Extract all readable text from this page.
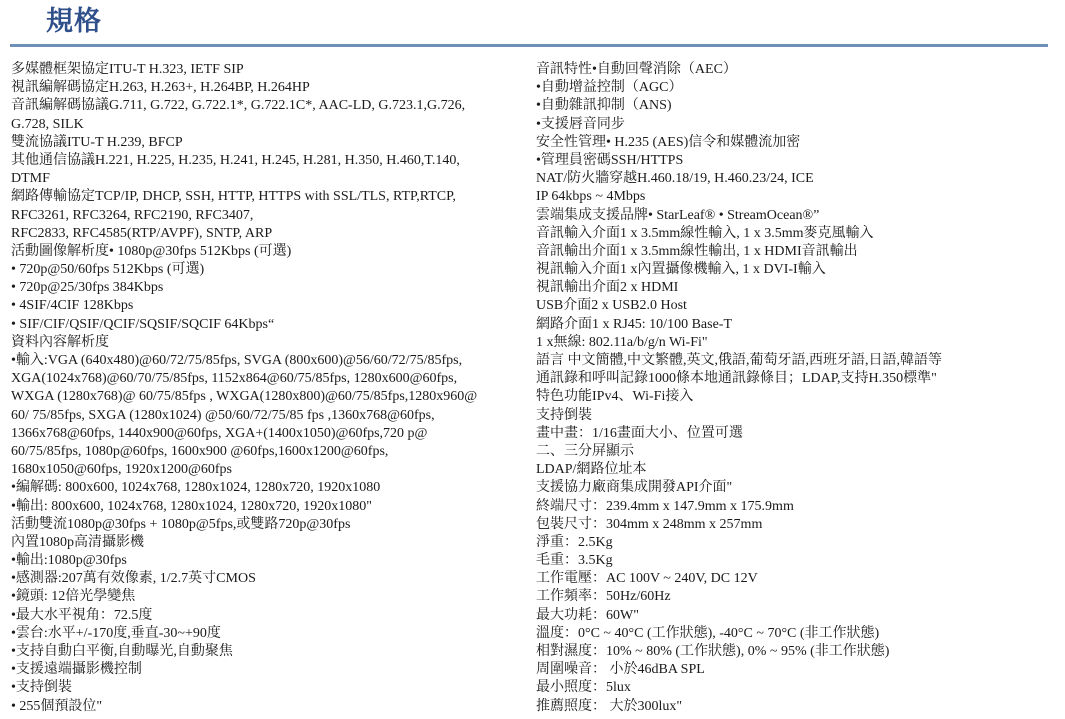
規格
多媒體框架協定ITU-T H.323, IETF SIP
視訊編解碼協定H.263, H.263+, H.264BP, H.264HP
音訊編解碼協議G.711, G.722, G.722.1*, G.722.1C*, AAC-LD, G.723.1,G.726,
G.728, SILK
雙流協議ITU-T H.239, BFCP
其他通信協議H.221, H.225, H.235, H.241, H.245, H.281, H.350, H.460,T.140,
DTMF
網路傳輸協定TCP/IP, DHCP, SSH, HTTP, HTTPS with SSL/TLS, RTP,RTCP,
RFC3261, RFC3264, RFC2190, RFC3407,
RFC2833, RFC4585(RTP/AVPF), SNTP, ARP
活動圖像解析度• 1080p@30fps 512Kbps (可選)
• 720p@50/60fps 512Kbps (可選)
• 720p@25/30fps 384Kbps
• 4SIF/4CIF 128Kbps
• SIF/CIF/QSIF/QCIF/SQSIF/SQCIF 64Kbps“
資料內容解析度
•輸入:VGA (640x480)@60/72/75/85fps, SVGA (800x600)@56/60/72/75/85fps,
XGA(1024x768)@60/70/75/85fps, 1152x864@60/75/85fps, 1280x600@60fps,
WXGA (1280x768)@ 60/75/85fps , WXGA(1280x800)@60/75/85fps,1280x960@
60/ 75/85fps, SXGA (1280x1024) @50/60/72/75/85 fps ,1360x768@60fps,
1366x768@60fps, 1440x900@60fps, XGA+(1400x1050)@60fps,720 p@
60/75/85fps, 1080p@60fps, 1600x900 @60fps,1600x1200@60fps,
1680x1050@60fps, 1920x1200@60fps
•編解碼: 800x600, 1024x768, 1280x1024, 1280x720, 1920x1080
•輸出: 800x600, 1024x768, 1280x1024, 1280x720, 1920x1080"
活動雙流1080p@30fps + 1080p@5fps,或雙路720p@30fps
內置1080p高清攝影機
•輸出:1080p@30fps
•感測器:207萬有效像素, 1/2.7英寸CMOS
•鏡頭: 12倍光學變焦
•最大水平視角：72.5度
•雲台:水平+/-170度,垂直-30~+90度
•支持自動白平衡,自動曝光,自動聚焦
•支援遠端攝影機控制
•支持倒裝
• 255個預設位"
音訊特性•自動回聲消除（AEC）
•自動增益控制（AGC）
•自動雜訊抑制（ANS)
•支援唇音同步
安全性管理• H.235 (AES)信令和媒體流加密
•管理員密碼SSH/HTTPS
NAT/防火牆穿越H.460.18/19, H.460.23/24, ICE
IP 64kbps ~ 4Mbps
雲端集成支援品牌• StarLeaf® • StreamOcean®”
音訊輸入介面1 x 3.5mm線性輸入, 1 x 3.5mm麥克風輸入
音訊輸出介面1 x 3.5mm線性輸出, 1 x HDMI音訊輸出
視訊輸入介面1 x內置攝像機輸入, 1 x DVI-I輸入
視訊輸出介面2 x HDMI
USB介面2 x USB2.0 Host
網路介面1 x RJ45: 10/100 Base-T
1 x無線: 802.11a/b/g/n Wi-Fi"
語言 中文簡體,中文繁體,英文,俄語,葡萄牙語,西班牙語,日語,韓語等
通訊錄和呼叫記錄1000條本地通訊錄條目；LDAP,支持H.350標準"
特色功能IPv4、Wi-Fi接入
支持倒裝
畫中畫：1/16畫面大小、位置可選
二、三分屏顯示
LDAP/網路位址本
支援協力廠商集成開發API介面"
終端尺寸：239.4mm x 147.9mm x 175.9mm
包裝尺寸：304mm x 248mm x 257mm
淨重：2.5Kg
毛重：3.5Kg
工作電壓：AC 100V ~ 240V, DC 12V
工作頻率：50Hz/60Hz
最大功耗：60W"
溫度：0°C ~ 40°C (工作狀態), -40°C ~ 70°C (非工作狀態)
相對濕度：10% ~ 80% (工作狀態), 0% ~ 95% (非工作狀態)
周圍噪音： 小於46dBA SPL
最小照度：5lux
推薦照度： 大於300lux"
